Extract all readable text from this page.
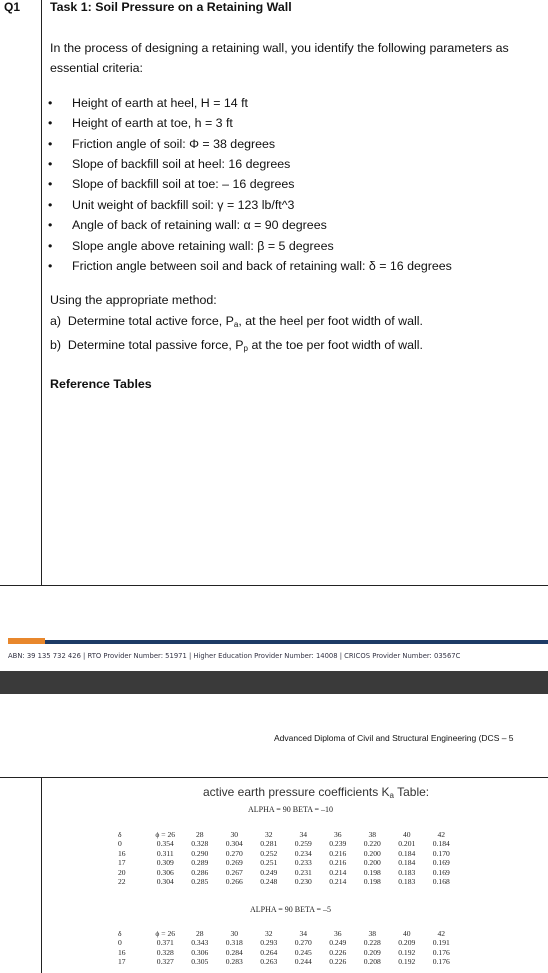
Q1 Task 1: Soil Pressure on a Retaining Wall

In the process of designing a retaining wall, you identify the following parameters as essential criteria:

• Height of earth at heel, H = 14 ft
• Height of earth at toe, h = 3 ft
• Friction angle of soil: Φ = 38 degrees
• Slope of backfill soil at heel: 16 degrees
• Slope of backfill soil at toe: – 16 degrees
• Unit weight of backfill soil: γ = 123 lb/ft^3
• Angle of back of retaining wall: α = 90 degrees
• Slope angle above retaining wall: β = 5 degrees
• Friction angle between soil and back of retaining wall: δ = 16 degrees
Using the appropriate method:
a) Determine total active force, $P_a$, at the heel per foot width of wall.
b) Determine total passive force, $P_p$ at the toe per foot width of wall.
Reference Tables
ABN: 39 135 732 426 | RTO Provider Number: 51971 | Higher Education Provider Number: 14008 | CRICOS Provider Number: 03567C
Advanced Diploma of Civil and Structural Engineering (DCS – 5
active earth pressure coefficients $K_a$ Table:
ALPHA = 90 BETA = –10
δ	ϕ = 26	28	30	32	34	36	38	40	42
0	0.354	0.328	0.304	0.281	0.259	0.239	0.220	0.201	0.184
16	0.311	0.290	0.270	0.252	0.234	0.216	0.200	0.184	0.170
17	0.309	0.289	0.269	0.251	0.233	0.216	0.200	0.184	0.169
20	0.306	0.286	0.267	0.249	0.231	0.214	0.198	0.183	0.169
22	0.304	0.285	0.266	0.248	0.230	0.214	0.198	0.183	0.168
ALPHA = 90 BETA = –5
δ	ϕ = 26	28	30	32	34	36	38	40	42
0	0.371	0.343	0.318	0.293	0.270	0.249	0.228	0.209	0.191
16	0.328	0.306	0.284	0.264	0.245	0.226	0.209	0.192	0.176
17	0.327	0.305	0.283	0.263	0.244	0.226	0.208	0.192	0.176
